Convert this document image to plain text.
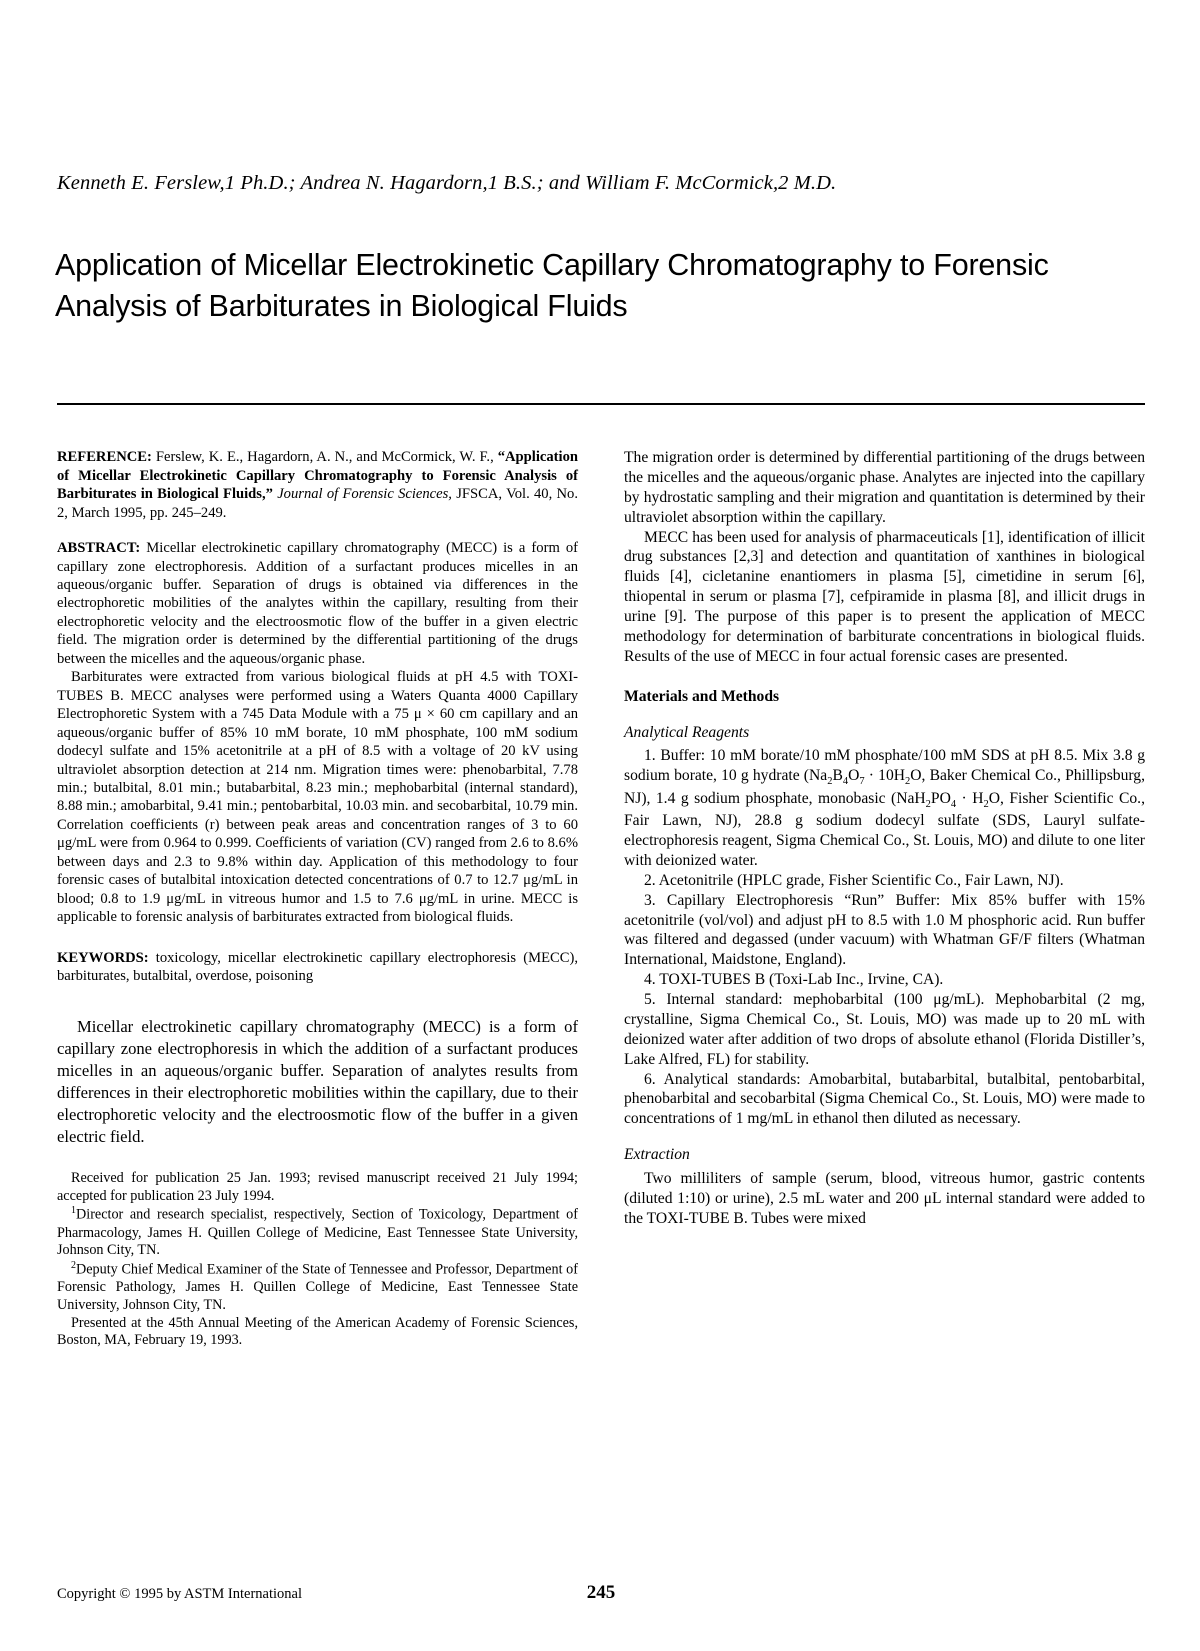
Kenneth E. Ferslew,1 Ph.D.; Andrea N. Hagardorn,1 B.S.; and William F. McCormick,2 M.D.
Application of Micellar Electrokinetic Capillary Chromatography to Forensic Analysis of Barbiturates in Biological Fluids
REFERENCE: Ferslew, K. E., Hagardorn, A. N., and McCormick, W. F., “Application of Micellar Electrokinetic Capillary Chromatography to Forensic Analysis of Barbiturates in Biological Fluids,” Journal of Forensic Sciences, JFSCA, Vol. 40, No. 2, March 1995, pp. 245–249.

ABSTRACT: Micellar electrokinetic capillary chromatography (MECC) is a form of capillary zone electrophoresis. Addition of a surfactant produces micelles in an aqueous/organic buffer. Separation of drugs is obtained via differences in the electrophoretic mobilities of the analytes within the capillary, resulting from their electrophoretic velocity and the electroosmotic flow of the buffer in a given electric field. The migration order is determined by the differential partitioning of the drugs between the micelles and the aqueous/organic phase.

Barbiturates were extracted from various biological fluids at pH 4.5 with TOXI-TUBES B. MECC analyses were performed using a Waters Quanta 4000 Capillary Electrophoretic System with a 745 Data Module with a 75 μ × 60 cm capillary and an aqueous/organic buffer of 85% 10 mM borate, 10 mM phosphate, 100 mM sodium dodecyl sulfate and 15% acetonitrile at a pH of 8.5 with a voltage of 20 kV using ultraviolet absorption detection at 214 nm. Migration times were: phenobarbital, 7.78 min.; butalbital, 8.01 min.; butabarbital, 8.23 min.; mephobarbital (internal standard), 8.88 min.; amobarbital, 9.41 min.; pentobarbital, 10.03 min. and secobarbital, 10.79 min. Correlation coefficients (r) between peak areas and concentration ranges of 3 to 60 μg/mL were from 0.964 to 0.999. Coefficients of variation (CV) ranged from 2.6 to 8.6% between days and 2.3 to 9.8% within day. Application of this methodology to four forensic cases of butalbital intoxication detected concentrations of 0.7 to 12.7 μg/mL in blood; 0.8 to 1.9 μg/mL in vitreous humor and 1.5 to 7.6 μg/mL in urine. MECC is applicable to forensic analysis of barbiturates extracted from biological fluids.

KEYWORDS: toxicology, micellar electrokinetic capillary electrophoresis (MECC), barbiturates, butalbital, overdose, poisoning
Micellar electrokinetic capillary chromatography (MECC) is a form of capillary zone electrophoresis in which the addition of a surfactant produces micelles in an aqueous/organic buffer. Separation of analytes results from differences in their electrophoretic mobilities within the capillary, due to their electrophoretic velocity and the electroosmotic flow of the buffer in a given electric field.

Received for publication 25 Jan. 1993; revised manuscript received 21 July 1994; accepted for publication 23 July 1994.

$^1$Director and research specialist, respectively, Section of Toxicology, Department of Pharmacology, James H. Quillen College of Medicine, East Tennessee State University, Johnson City, TN.

$^2$Deputy Chief Medical Examiner of the State of Tennessee and Professor, Department of Forensic Pathology, James H. Quillen College of Medicine, East Tennessee State University, Johnson City, TN.

Presented at the 45th Annual Meeting of the American Academy of Forensic Sciences, Boston, MA, February 19, 1993.

The migration order is determined by differential partitioning of the drugs between the micelles and the aqueous/organic phase. Analytes are injected into the capillary by hydrostatic sampling and their migration and quantitation is determined by their ultraviolet absorption within the capillary.

MECC has been used for analysis of pharmaceuticals [1], identification of illicit drug substances [2,3] and detection and quantitation of xanthines in biological fluids [4], cicletanine enantiomers in plasma [5], cimetidine in serum [6], thiopental in serum or plasma [7], cefpiramide in plasma [8], and illicit drugs in urine [9]. The purpose of this paper is to present the application of MECC methodology for determination of barbiturate concentrations in biological fluids. Results of the use of MECC in four actual forensic cases are presented.

Materials and Methods

Analytical Reagents

1. Buffer: 10 mM borate/10 mM phosphate/100 mM SDS at pH 8.5. Mix 3.8 g sodium borate, 10 g hydrate ($Na_2B_4O_7 \cdot 10H_2O$, Baker Chemical Co., Phillipsburg, NJ), 1.4 g sodium phosphate, monobasic ($NaH_2PO_4 \cdot H_2O$, Fisher Scientific Co., Fair Lawn, NJ), 28.8 g sodium dodecyl sulfate (SDS, Lauryl sulfate-electrophoresis reagent, Sigma Chemical Co., St. Louis, MO) and dilute to one liter with deionized water.

2. Acetonitrile (HPLC grade, Fisher Scientific Co., Fair Lawn, NJ).

3. Capillary Electrophoresis “Run” Buffer: Mix 85% buffer with 15% acetonitrile (vol/vol) and adjust pH to 8.5 with 1.0 M phosphoric acid. Run buffer was filtered and degassed (under vacuum) with Whatman GF/F filters (Whatman International, Maidstone, England).

4. TOXI-TUBES B (Toxi-Lab Inc., Irvine, CA).

5. Internal standard: mephobarbital (100 μg/mL). Mephobarbital (2 mg, crystalline, Sigma Chemical Co., St. Louis, MO) was made up to 20 mL with deionized water after addition of two drops of absolute ethanol (Florida Distiller’s, Lake Alfred, FL) for stability.

6. Analytical standards: Amobarbital, butabarbital, butalbital, pentobarbital, phenobarbital and secobarbital (Sigma Chemical Co., St. Louis, MO) were made to concentrations of 1 mg/mL in ethanol then diluted as necessary.

Extraction

Two milliliters of sample (serum, blood, vitreous humor, gastric contents (diluted 1:10) or urine), 2.5 mL water and 200 μL internal standard were added to the TOXI-TUBE B. Tubes were mixed

Copyright © 1995 by ASTM International	245
